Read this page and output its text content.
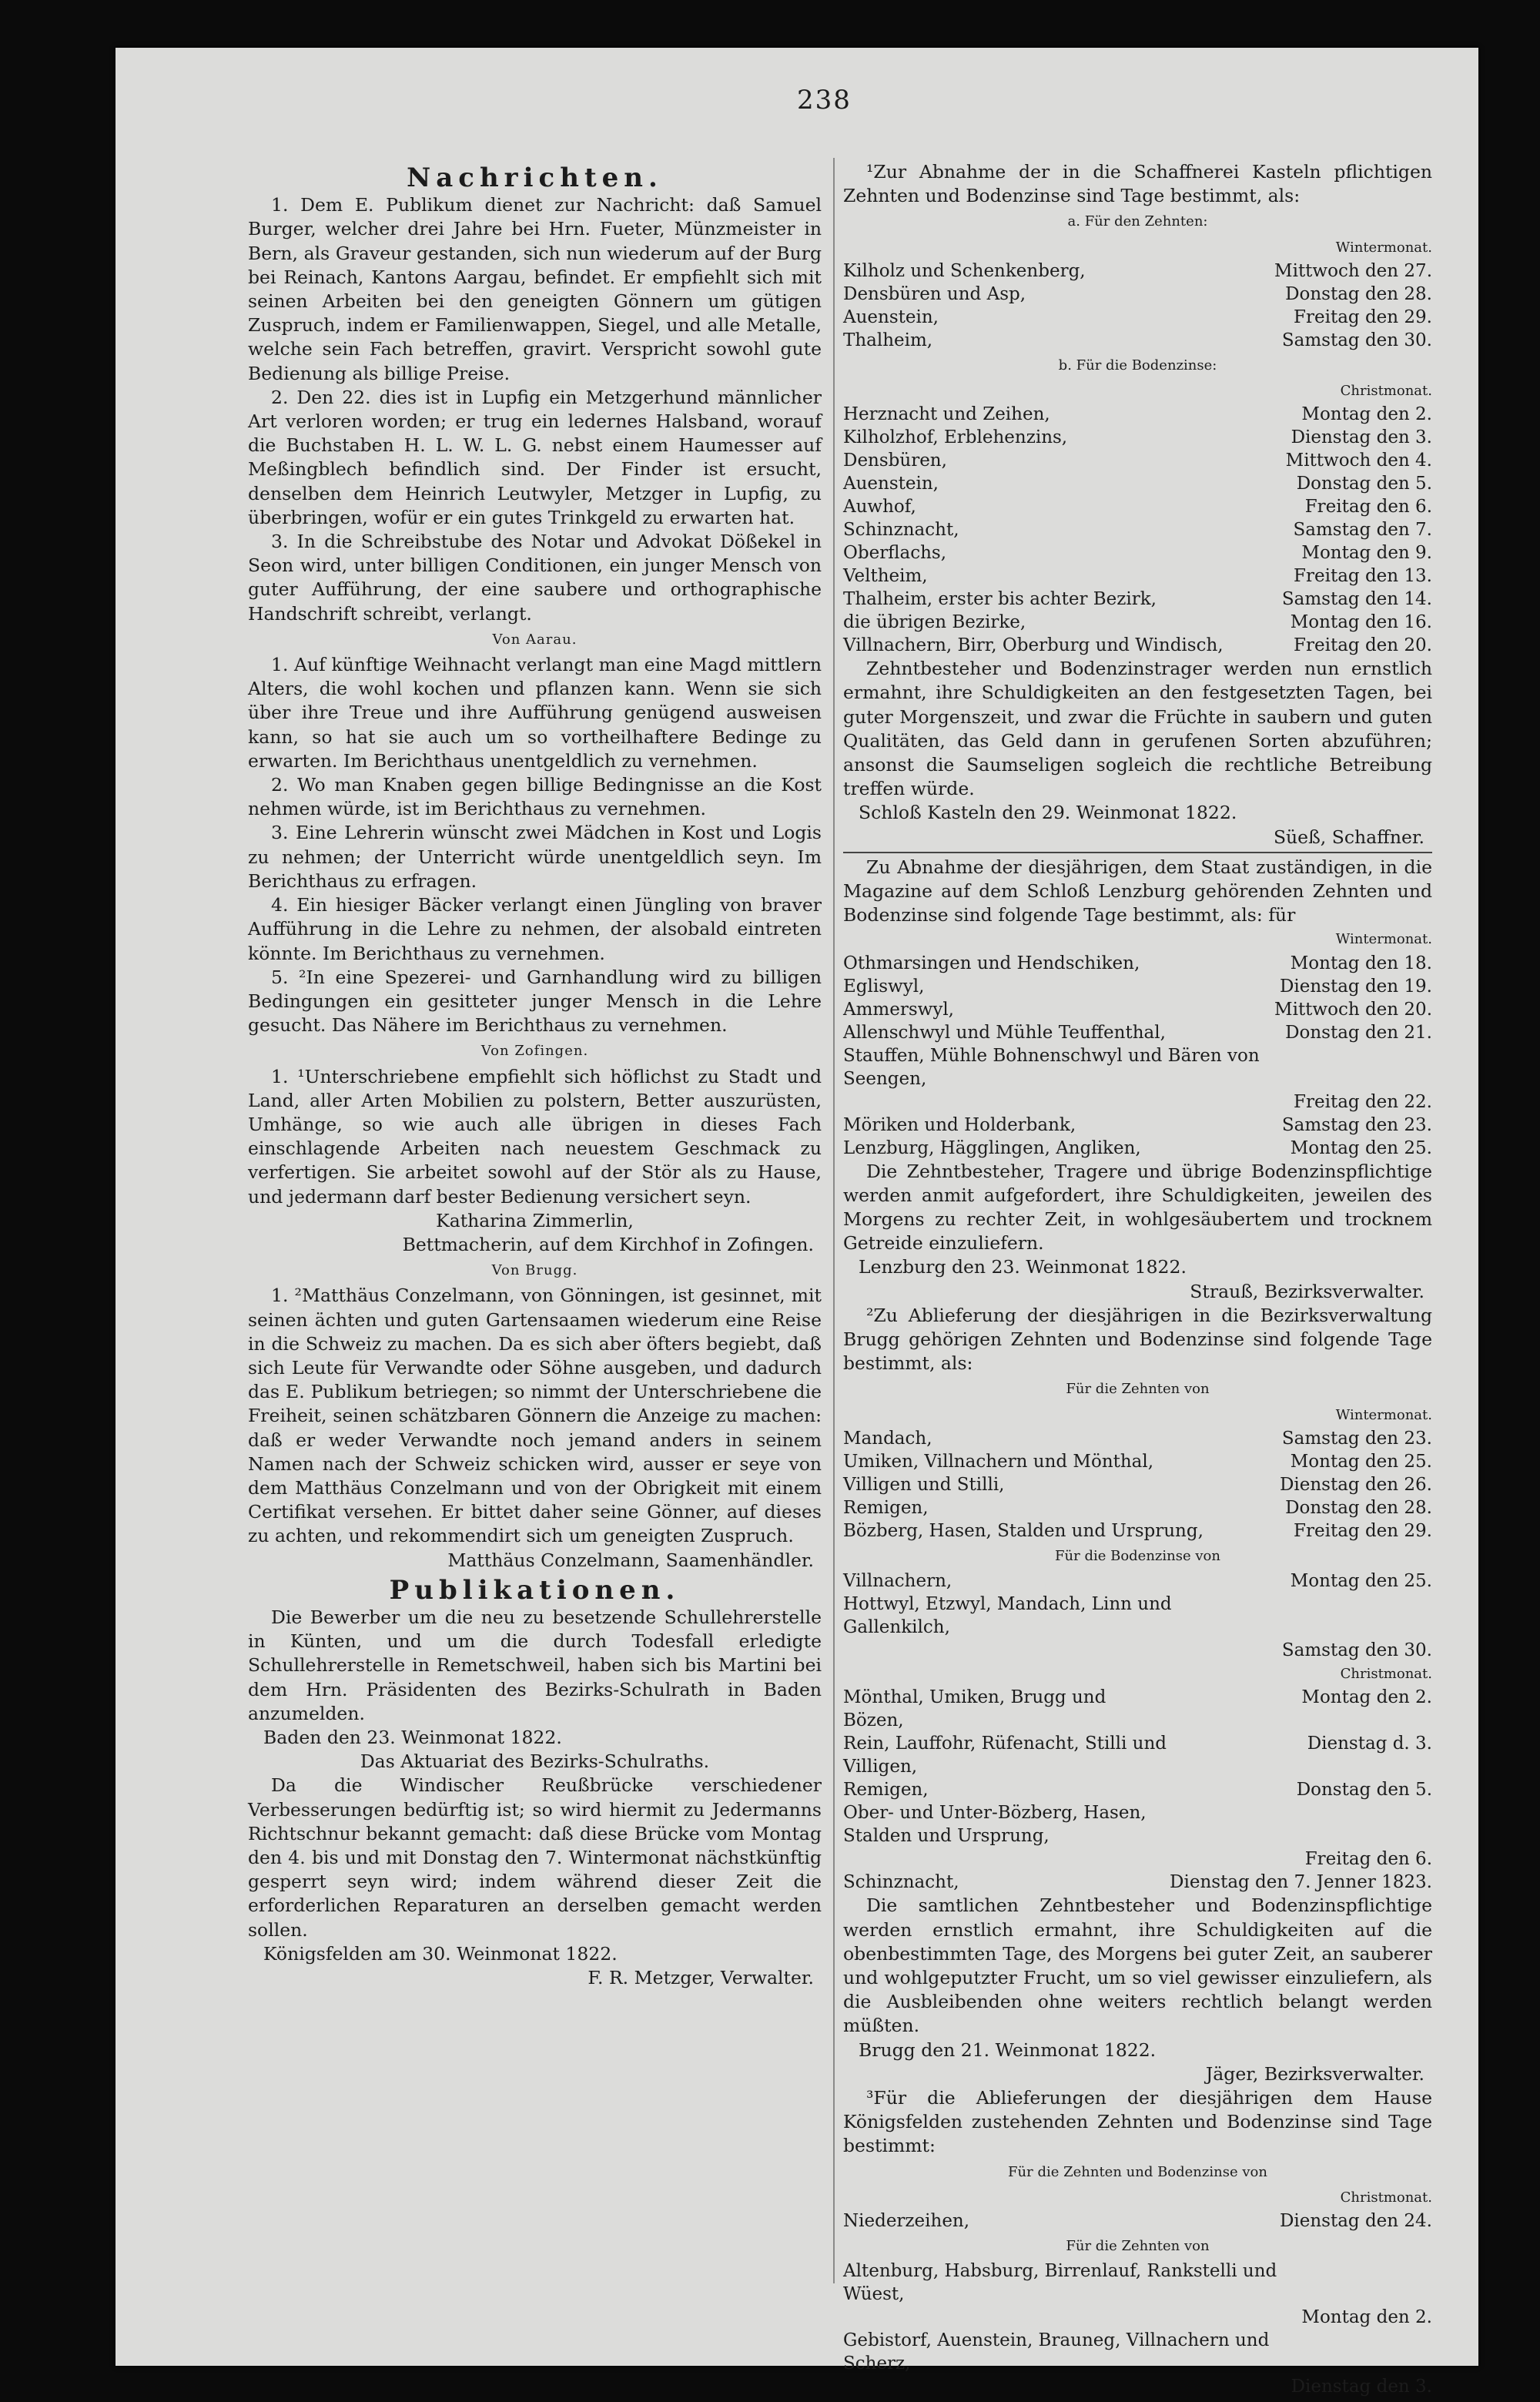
238
Nachrichten.

1. Dem E. Publikum dienet zur Nachricht: daß Samuel Burger, welcher drei Jahre bei Hrn. Fueter, Münzmeister in Bern, als Graveur gestanden, sich nun wiederum auf der Burg bei Reinach, Kantons Aargau, befindet. Er empfiehlt sich mit seinen Arbeiten bei den geneigten Gönnern um gütigen Zuspruch, indem er Familienwappen, Siegel, und alle Metalle, welche sein Fach betreffen, gravirt. Verspricht sowohl gute Bedienung als billige Preise.

2. Den 22. dies ist in Lupfig ein Metzgerhund männlicher Art verloren worden; er trug ein ledernes Halsband, worauf die Buchstaben H. L. W. L. G. nebst einem Haumesser auf Meßingblech befindlich sind. Der Finder ist ersucht, denselben dem Heinrich Leutwyler, Metzger in Lupfig, zu überbringen, wofür er ein gutes Trinkgeld zu erwarten hat.

3. In die Schreibstube des Notar und Advokat Dößekel in Seon wird, unter billigen Conditionen, ein junger Mensch von guter Aufführung, der eine saubere und orthographische Handschrift schreibt, verlangt.

Von Aarau.

1. Auf künftige Weihnacht verlangt man eine Magd mittlern Alters, die wohl kochen und pflanzen kann. Wenn sie sich über ihre Treue und ihre Aufführung genügend ausweisen kann, so hat sie auch um so vortheilhaftere Bedinge zu erwarten. Im Berichthaus unentgeldlich zu vernehmen.

2. Wo man Knaben gegen billige Bedingnisse an die Kost nehmen würde, ist im Berichthaus zu vernehmen.

3. Eine Lehrerin wünscht zwei Mädchen in Kost und Logis zu nehmen; der Unterricht würde unentgeldlich seyn. Im Berichthaus zu erfragen.

4. Ein hiesiger Bäcker verlangt einen Jüngling von braver Aufführung in die Lehre zu nehmen, der alsobald eintreten könnte. Im Berichthaus zu vernehmen.

5. ²In eine Spezerei- und Garnhandlung wird zu billigen Bedingungen ein gesitteter junger Mensch in die Lehre gesucht. Das Nähere im Berichthaus zu vernehmen.

Von Zofingen.

1. ¹Unterschriebene empfiehlt sich höflichst zu Stadt und Land, aller Arten Mobilien zu polstern, Better auszurüsten, Umhänge, so wie auch alle übrigen in dieses Fach einschlagende Arbeiten nach neuestem Geschmack zu verfertigen. Sie arbeitet sowohl auf der Stör als zu Hause, und jedermann darf bester Bedienung versichert seyn.

Katharina Zimmerlin,

Bettmacherin, auf dem Kirchhof in Zofingen.

Von Brugg.

1. ²Matthäus Conzelmann, von Gönningen, ist gesinnet, mit seinen ächten und guten Gartensaamen wiederum eine Reise in die Schweiz zu machen. Da es sich aber öfters begiebt, daß sich Leute für Verwandte oder Söhne ausgeben, und dadurch das E. Publikum betriegen; so nimmt der Unterschriebene die Freiheit, seinen schätzbaren Gönnern die Anzeige zu machen: daß er weder Verwandte noch jemand anders in seinem Namen nach der Schweiz schicken wird, ausser er seye von dem Matthäus Conzelmann und von der Obrigkeit mit einem Certifikat versehen. Er bittet daher seine Gönner, auf dieses zu achten, und rekommendirt sich um geneigten Zuspruch.

Matthäus Conzelmann, Saamenhändler.

Publikationen.

Die Bewerber um die neu zu besetzende Schullehrerstelle in Künten, und um die durch Todesfall erledigte Schullehrerstelle in Remetschweil, haben sich bis Martini bei dem Hrn. Präsidenten des Bezirks-Schulrath in Baden anzumelden.

Baden den 23. Weinmonat 1822.

Das Aktuariat des Bezirks-Schulraths.

Da die Windischer Reußbrücke verschiedener Verbesserungen bedürftig ist; so wird hiermit zu Jedermanns Richtschnur bekannt gemacht: daß diese Brücke vom Montag den 4. bis und mit Donstag den 7. Wintermonat nächstkünftig gesperrt seyn wird; indem während dieser Zeit die erforderlichen Reparaturen an derselben gemacht werden sollen.

Königsfelden am 30. Weinmonat 1822.

F. R. Metzger, Verwalter.

¹Zur Abnahme der in die Schaffnerei Kasteln pflichtigen Zehnten und Bodenzinse sind Tage bestimmt, als:

a. Für den Zehnten:
Wintermonat.
Kilholz und Schenkenberg,	Mittwoch den 27.
Densbüren und Asp,	Donstag den 28.
Auenstein,	Freitag den 29.
Thalheim,	Samstag den 30.
b. Für die Bodenzinse:
Christmonat.
Herznacht und Zeihen,	Montag den 2.
Kilholzhof, Erblehenzins,	Dienstag den 3.
Densbüren,	Mittwoch den 4.
Auenstein,	Donstag den 5.
Auwhof,	Freitag den 6.
Schinznacht,	Samstag den 7.
Oberflachs,	Montag den 9.
Veltheim,	Freitag den 13.
Thalheim, erster bis achter Bezirk,	Samstag den 14.
die übrigen Bezirke,	Montag den 16.
Villnachern, Birr, Oberburg und Windisch,	Freitag den 20.

Zehntbesteher und Bodenzinstrager werden nun ernstlich ermahnt, ihre Schuldigkeiten an den festgesetzten Tagen, bei guter Morgenszeit, und zwar die Früchte in saubern und guten Qualitäten, das Geld dann in gerufenen Sorten abzuführen; ansonst die Saumseligen sogleich die rechtliche Betreibung treffen würde.

Schloß Kasteln den 29. Weinmonat 1822.

Süeß, Schaffner.

Zu Abnahme der diesjährigen, dem Staat zuständigen, in die Magazine auf dem Schloß Lenzburg gehörenden Zehnten und Bodenzinse sind folgende Tage bestimmt, als: für

Wintermonat.
Othmarsingen und Hendschiken,	Montag den 18.
Egliswyl,	Dienstag den 19.
Ammerswyl,	Mittwoch den 20.
Allenschwyl und Mühle Teuffenthal,	Donstag den 21.
Stauffen, Mühle Bohnenschwyl und Bären von Seengen,	
	Freitag den 22.
Möriken und Holderbank,	Samstag den 23.
Lenzburg, Hägglingen, Angliken,	Montag den 25.

Die Zehntbesteher, Tragere und übrige Bodenzinspflichtige werden anmit aufgefordert, ihre Schuldigkeiten, jeweilen des Morgens zu rechter Zeit, in wohlgesäubertem und trocknem Getreide einzuliefern.

Lenzburg den 23. Weinmonat 1822.

Strauß, Bezirksverwalter.

²Zu Ablieferung der diesjährigen in die Bezirksverwaltung Brugg gehörigen Zehnten und Bodenzinse sind folgende Tage bestimmt, als:

Für die Zehnten von
Wintermonat.
Mandach,	Samstag den 23.
Umiken, Villnachern und Mönthal,	Montag den 25.
Villigen und Stilli,	Dienstag den 26.
Remigen,	Donstag den 28.
Bözberg, Hasen, Stalden und Ursprung,	Freitag den 29.
Für die Bodenzinse von
Villnachern,	Montag den 25.
Hottwyl, Etzwyl, Mandach, Linn und Gallenkilch,	
	Samstag den 30.
Christmonat.
Mönthal, Umiken, Brugg und Bözen,	Montag den 2.
Rein, Lauffohr, Rüfenacht, Stilli und Villigen,	Dienstag d. 3.
Remigen,	Donstag den 5.
Ober- und Unter-Bözberg, Hasen, Stalden und Ursprung,	
	Freitag den 6.
Schinznacht,	Dienstag den 7. Jenner 1823.

Die samtlichen Zehntbesteher und Bodenzinspflichtige werden ernstlich ermahnt, ihre Schuldigkeiten auf die obenbestimmten Tage, des Morgens bei guter Zeit, an sauberer und wohlgeputzter Frucht, um so viel gewisser einzuliefern, als die Ausbleibenden ohne weiters rechtlich belangt werden müßten.

Brugg den 21. Weinmonat 1822.

Jäger, Bezirksverwalter.

³Für die Ablieferungen der diesjährigen dem Hause Königsfelden zustehenden Zehnten und Bodenzinse sind Tage bestimmt:

Für die Zehnten und Bodenzinse von
Christmonat.
Niederzeihen,	Dienstag den 24.
Für die Zehnten von
Altenburg, Habsburg, Birrenlauf, Rankstelli und Wüest,	
	Montag den 2.
Gebistorf, Auenstein, Brauneg, Villnachern und Scherz,	
	Dienstag den 3.
